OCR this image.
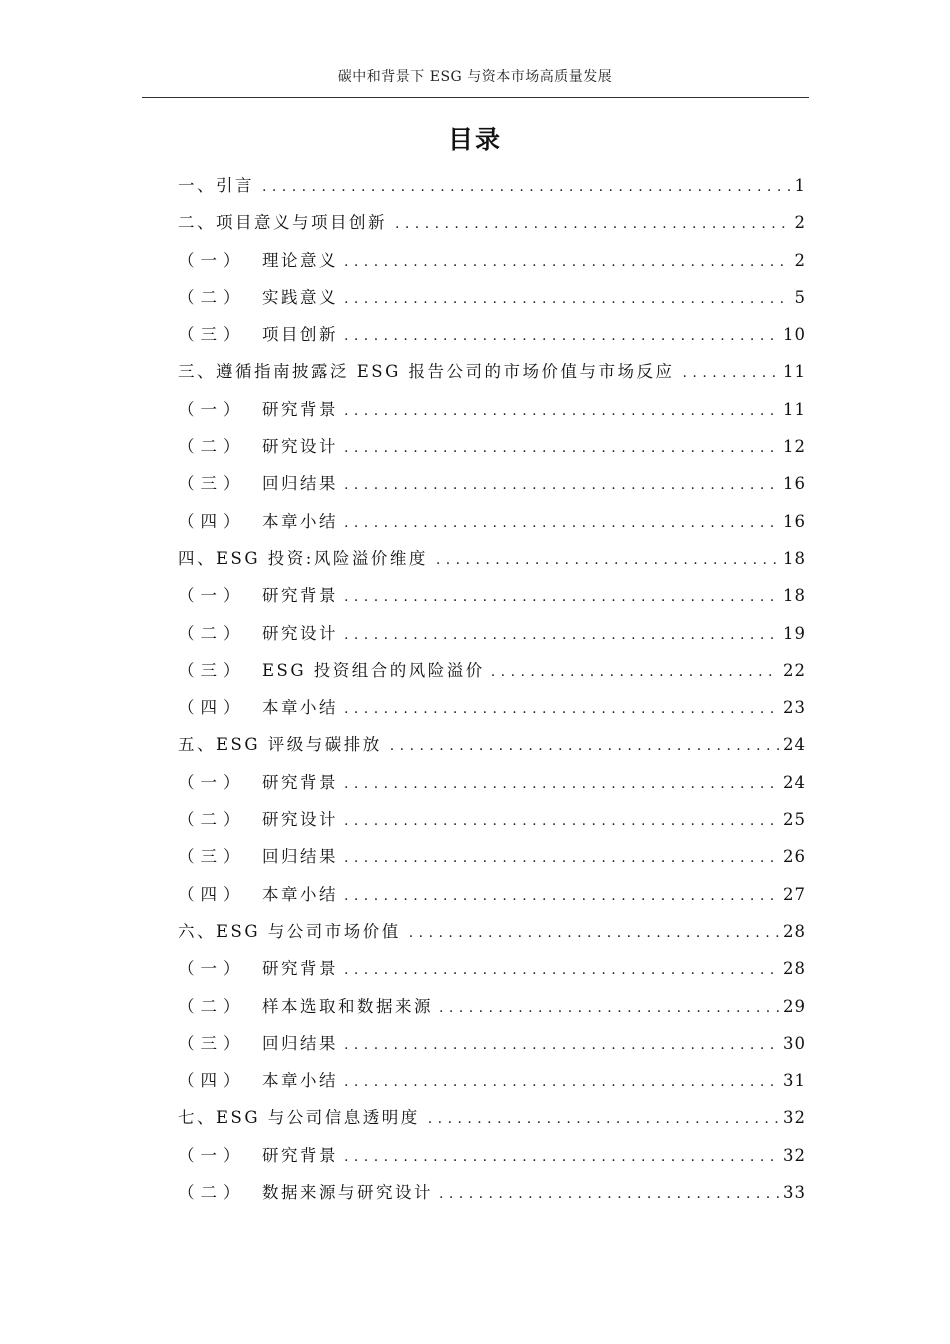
碳中和背景下 ESG 与资本市场高质量发展
目录
一、引言 . . .	1
二、项目意义与项目创新 . . .	2
（一）	理论意义 . . .	2
（二）	实践意义 . . .	5
（三）	项目创新 . . .	10
三、遵循指南披露泛 ESG 报告公司的市场价值与市场反应 . . .	11
（一）	研究背景 . . .	11
（二）	研究设计 . . .	12
（三）	回归结果 . . .	16
（四）	本章小结 . . .	16
四、ESG 投资:风险溢价维度 . . .	18
（一）	研究背景 . . .	18
（二）	研究设计 . . .	19
（三）	ESG 投资组合的风险溢价 . . .	22
（四）	本章小结 . . .	23
五、ESG 评级与碳排放 . . .	24
（一）	研究背景 . . .	24
（二）	研究设计 . . .	25
（三）	回归结果 . . .	26
（四）	本章小结 . . .	27
六、ESG 与公司市场价值 . . .	28
（一）	研究背景 . . .	28
（二）	样本选取和数据来源 . . .	29
（三）	回归结果 . . .	30
（四）	本章小结 . . .	31
七、ESG 与公司信息透明度 . . .	32
（一）	研究背景 . . .	32
（二）	数据来源与研究设计 . . .	33
